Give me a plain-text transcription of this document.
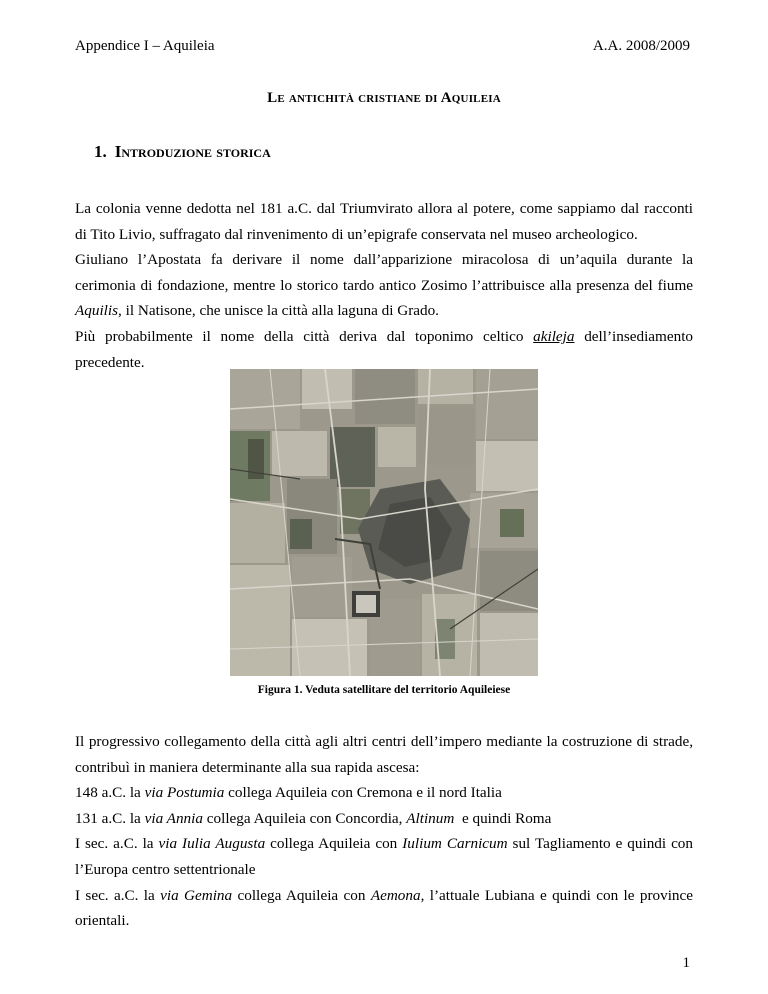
Appendice I – Aquileia	A.A. 2008/2009
Le antichità cristiane di Aquileia
1. Introduzione storica

La colonia venne dedotta nel 181 a.C. dal Triumvirato allora al potere, come sappiamo dal racconti

di Tito Livio, suffragato dal rinvenimento di un’epigrafe conservata nel museo archeologico.

Giuliano l’Apostata fa derivare il nome dall’apparizione miracolosa di un’aquila durante la

cerimonia di fondazione, mentre lo storico tardo antico Zosimo l’attribuisce alla presenza del fiume

Aquilis, il Natisone, che unisce la città alla laguna di Grado.

Più probabilmente il nome della città deriva dal toponimo celtico akileja dell’insediamento

precedente.

Figura 1. Veduta satellitare del territorio Aquileiese

Il progressivo collegamento della città agli altri centri dell’impero mediante la costruzione di strade,

contribuì in maniera determinante alla sua rapida ascesa:

148 a.C. la via Postumia collega Aquileia con Cremona e il nord Italia

131 a.C. la via Annia collega Aquileia con Concordia, Altinum  e quindi Roma

I sec. a.C. la via Iulia Augusta collega Aquileia con Iulium Carnicum sul Tagliamento e quindi con

l’Europa centro settentrionale

I sec. a.C. la via Gemina collega Aquileia con Aemona, l’attuale Lubiana e quindi con le province

orientali.

1
